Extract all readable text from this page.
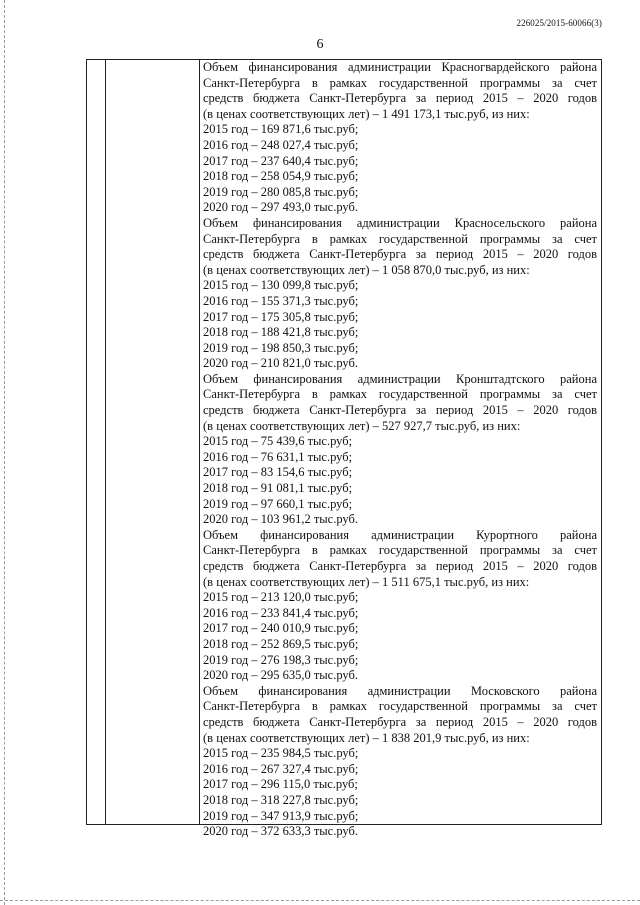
226025/2015-60066(3)
6
Объем финансирования администрации Красногвардейского района
Санкт-Петербурга в рамках государственной программы за счет
средств бюджета Санкт-Петербурга за период 2015 – 2020 годов
(в ценах соответствующих лет) – 1 491 173,1 тыс.руб, из них:
2015 год – 169 871,6 тыс.руб;
2016 год – 248 027,4 тыс.руб;
2017 год – 237 640,4 тыс.руб;
2018 год – 258 054,9 тыс.руб;
2019 год – 280 085,8 тыс.руб;
2020 год – 297 493,0 тыс.руб.
Объем финансирования администрации Красносельского района
Санкт-Петербурга в рамках государственной программы за счет
средств бюджета Санкт-Петербурга за период 2015 – 2020 годов
(в ценах соответствующих лет) – 1 058 870,0 тыс.руб, из них:
2015 год – 130 099,8 тыс.руб;
2016 год – 155 371,3 тыс.руб;
2017 год – 175 305,8 тыс.руб;
2018 год – 188 421,8 тыс.руб;
2019 год – 198 850,3 тыс.руб;
2020 год – 210 821,0 тыс.руб.
Объем финансирования администрации Кронштадтского района
Санкт-Петербурга в рамках государственной программы за счет
средств бюджета Санкт-Петербурга за период 2015 – 2020 годов
(в ценах соответствующих лет) – 527 927,7 тыс.руб, из них:
2015 год – 75 439,6 тыс.руб;
2016 год – 76 631,1 тыс.руб;
2017 год – 83 154,6 тыс.руб;
2018 год – 91 081,1 тыс.руб;
2019 год – 97 660,1 тыс.руб;
2020 год – 103 961,2 тыс.руб.
Объем финансирования администрации Курортного района
Санкт-Петербурга в рамках государственной программы за счет
средств бюджета Санкт-Петербурга за период 2015 – 2020 годов
(в ценах соответствующих лет) – 1 511 675,1 тыс.руб, из них:
2015 год – 213 120,0 тыс.руб;
2016 год – 233 841,4 тыс.руб;
2017 год – 240 010,9 тыс.руб;
2018 год – 252 869,5 тыс.руб;
2019 год – 276 198,3 тыс.руб;
2020 год – 295 635,0 тыс.руб.
Объем финансирования администрации Московского района
Санкт-Петербурга в рамках государственной программы за счет
средств бюджета Санкт-Петербурга за период 2015 – 2020 годов
(в ценах соответствующих лет) – 1 838 201,9 тыс.руб, из них:
2015 год – 235 984,5 тыс.руб;
2016 год – 267 327,4 тыс.руб;
2017 год – 296 115,0 тыс.руб;
2018 год – 318 227,8 тыс.руб;
2019 год – 347 913,9 тыс.руб;
2020 год – 372 633,3 тыс.руб.
